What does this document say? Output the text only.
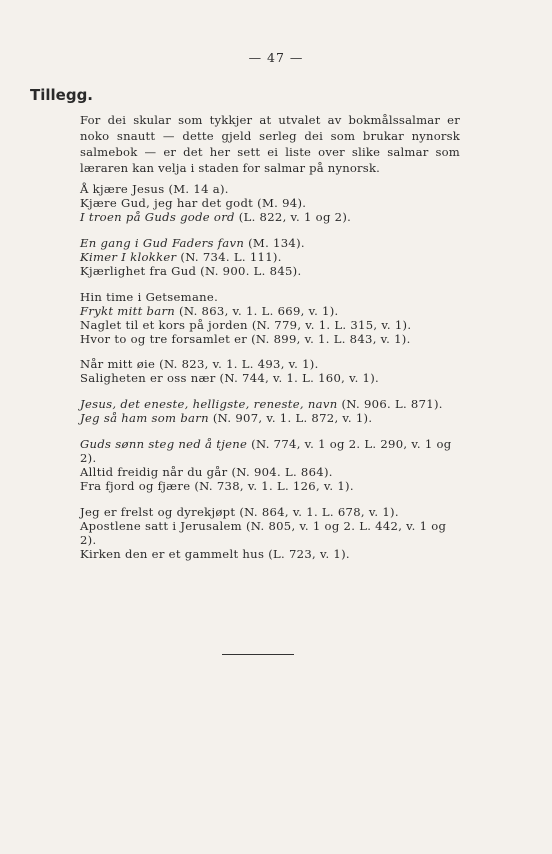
— 47 —
Tillegg.

For dei skular som tykkjer at utvalet av bokmålssalmar er noko snautt — dette gjeld serleg dei som brukar nynorsk salmebok — er det her sett ei liste over slike salmar som læraren kan velja i staden for salmar på nynorsk.

Å kjære Jesus (M. 14 a).

Kjære Gud, jeg har det godt (M. 94).

I troen på Guds gode ord (L. 822, v. 1 og 2).

En gang i Gud Faders favn (M. 134).

Kimer I klokker (N. 734. L. 111).

Kjærlighet fra Gud (N. 900. L. 845).

Hin time i Getsemane.

Frykt mitt barn (N. 863, v. 1. L. 669, v. 1).

Naglet til et kors på jorden (N. 779, v. 1. L. 315, v. 1).

Hvor to og tre forsamlet er (N. 899, v. 1. L. 843, v. 1).

Når mitt øie (N. 823, v. 1. L. 493, v. 1).

Saligheten er oss nær (N. 744, v. 1. L. 160, v. 1).

Jesus, det eneste, helligste, reneste, navn (N. 906. L. 871).

Jeg så ham som barn (N. 907, v. 1. L. 872, v. 1).

Guds sønn steg ned å tjene (N. 774, v. 1 og 2. L. 290, v. 1 og 2).

Alltid freidig når du går (N. 904. L. 864).

Fra fjord og fjære (N. 738, v. 1. L. 126, v. 1).

Jeg er frelst og dyrekjøpt (N. 864, v. 1. L. 678, v. 1).

Apostlene satt i Jerusalem (N. 805, v. 1 og 2. L. 442, v. 1 og 2).

Kirken den er et gammelt hus (L. 723, v. 1).
